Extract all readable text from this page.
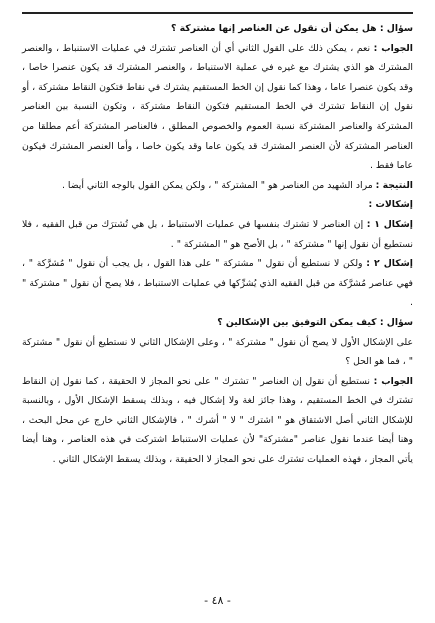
سؤال : هل يمكن أن نقول عن العناصر إنها مشتركة ؟
الجواب : نعم ، يمكن ذلك على القول الثاني أي أن العناصر تشترك في عمليات الاستنباط ، والعنصر المشترك هو الذي يشترك مع غيره في عملية الاستنباط ، والعنصر المشترك قد يكون عنصرا خاصا ، وقد يكون عنصرا عاما ، وهذا كما نقول إن الخط المستقيم يشترك في نقاط فتكون النقاط مشتركة ، أو نقول إن النقاط تشترك في الخط المستقيم فتكون النقاط مشتركة ، وتكون النسبة بين العناصر المشتركة والعناصر المشتركة نسبة العموم والخصوص المطلق ، فالعناصر المشتركة أعم مطلقا من العناصر المشتركة لأن العنصر المشترك قد يكون عاما وقد يكون خاصا ، وأما العنصر المشترك فيكون عاما فقط .

النتيجة : مراد الشهيد من العناصر هو " المشتركة " ، ولكن يمكن القول بالوجه الثاني أيضا .
إشكالات :

إشكال ١ : إن العناصر لا تشترك بنفسها في عمليات الاستنباط ، بل هي تُشترَك من قبل الفقيه ، فلا نستطيع أن نقول إنها " مشتركة " ، بل الأصح هو " المشتركة " .

إشكال ٢ : ولكن لا نستطيع أن نقول " مشتركة " على هذا القول ، بل يجب أن نقول " مُشرَّكة " ، فهي عناصر مُشرَّكة من قبل الفقيه الذي يُشرِّكها في عمليات الاستنباط ، فلا يصح أن نقول " مشتركة " .

سؤال : كيف يمكن التوفيق بين الإشكالين ؟
على الإشكال الأول لا يصح أن نقول " مشتركة " ، وعلى الإشكال الثاني لا نستطيع أن نقول " مشتركة " ، فما هو الحل ؟

الجواب : نستطيع أن نقول إن العناصر " تشترك " على نحو المجاز لا الحقيقة ، كما نقول إن النقاط تشترك في الخط المستقيم ، وهذا جائز لغة ولا إشكال فيه ، وبذلك يسقط الإشكال الأول ، وبالنسبة للإشكال الثاني أصل الاشتقاق هو " اشترك " لا " أشرك " ، فالإشكال الثاني خارج عن محل البحث ، وهنا أيضا عندما نقول عناصر "مشتركة" لأن عمليات الاستنباط اشتركت في هذه العناصر ، وهنا أيضا يأتي المجاز ، فهذه العمليات تشترك على نحو المجاز لا الحقيقة ، وبذلك يسقط الإشكال الثاني .

- ٤٨ -
